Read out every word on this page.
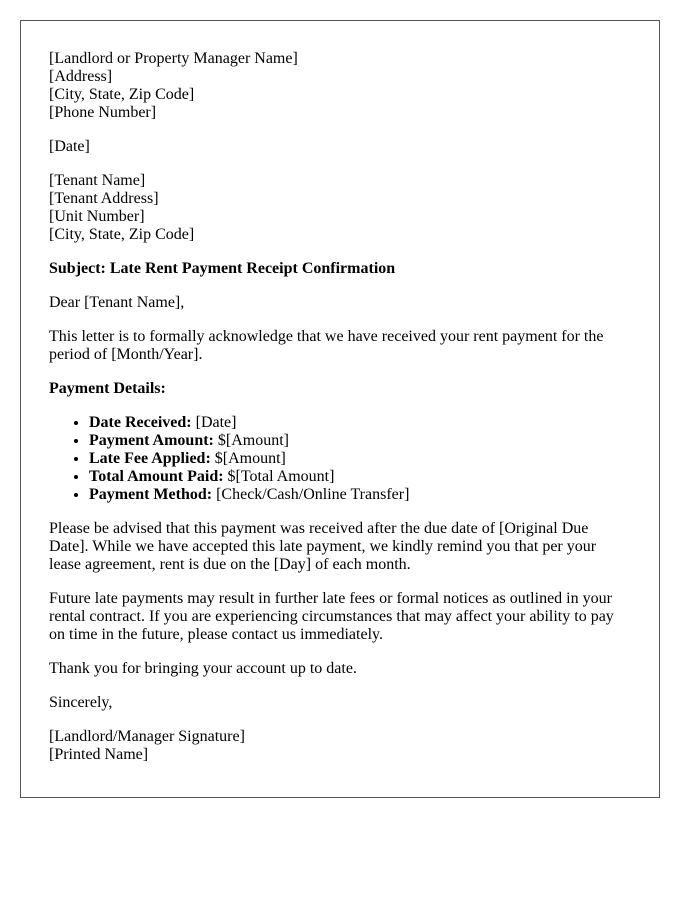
[Landlord or Property Manager Name]
[Address]
[City, State, Zip Code]
[Phone Number]
[Date]
[Tenant Name]
[Tenant Address]
[Unit Number]
[City, State, Zip Code]
Subject: Late Rent Payment Receipt Confirmation

Dear [Tenant Name],

This letter is to formally acknowledge that we have received your rent payment for the period of [Month/Year].

Payment Details:
• Date Received: [Date]
• Payment Amount: $[Amount]
• Late Fee Applied: $[Amount]
• Total Amount Paid: $[Total Amount]
• Payment Method: [Check/Cash/Online Transfer]

Please be advised that this payment was received after the due date of [Original Due Date]. While we have accepted this late payment, we kindly remind you that per your lease agreement, rent is due on the [Day] of each month.

Future late payments may result in further late fees or formal notices as outlined in your rental contract. If you are experiencing circumstances that may affect your ability to pay on time in the future, please contact us immediately.

Thank you for bringing your account up to date.

Sincerely,

[Landlord/Manager Signature]
[Printed Name]
